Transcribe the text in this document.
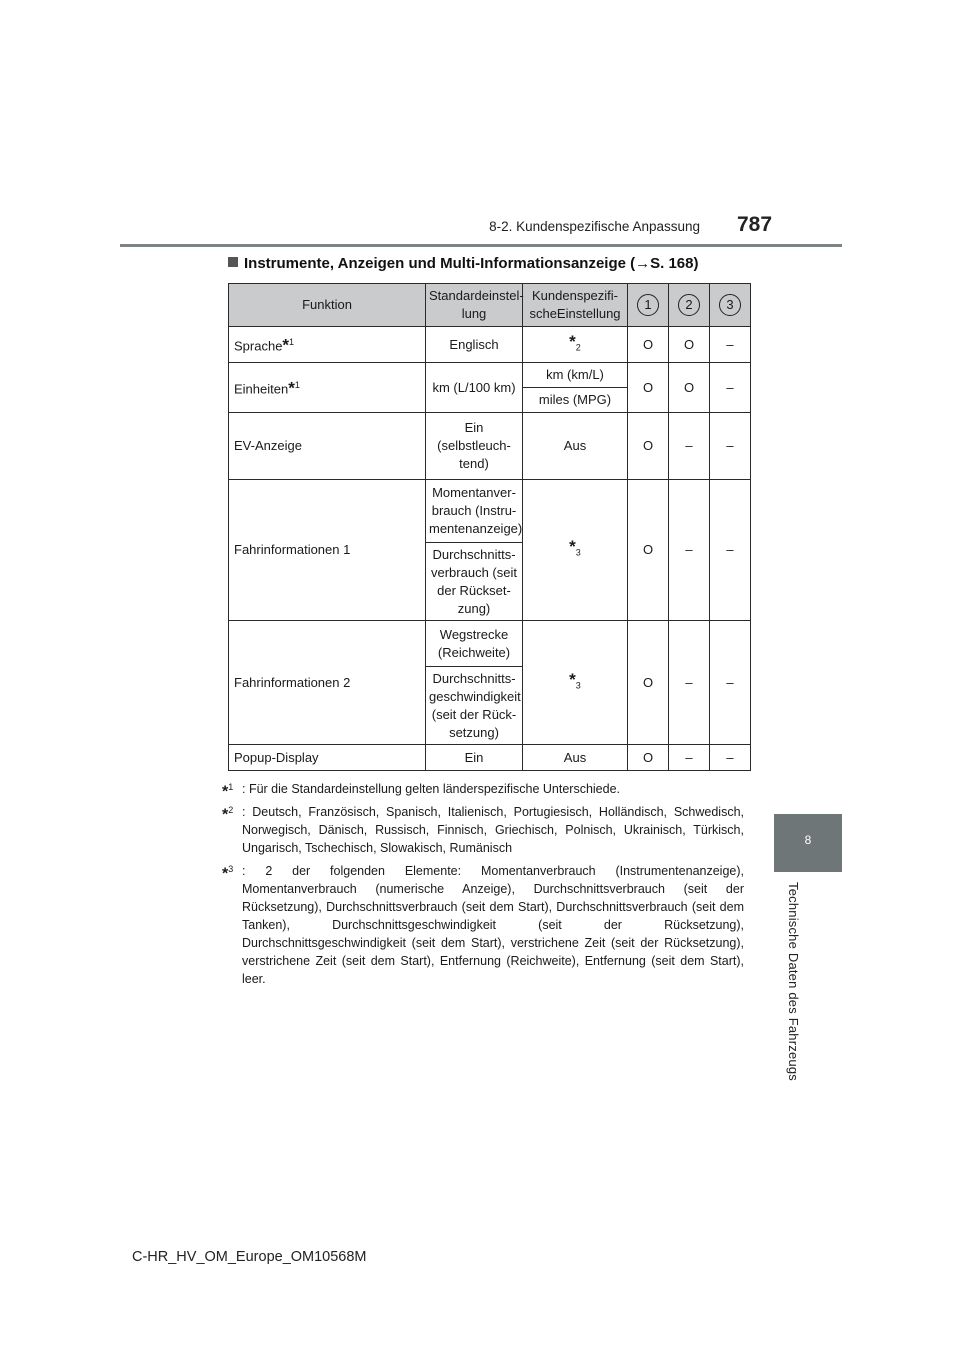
8-2. Kundenspezifische Anpassung 787
8
Technische Daten des Fahrzeugs
Instrumente, Anzeigen und Multi-Informationsanzeige (→S. 168)
Funktion	Standardeinstel-
lung	Kundenspezifi-
scheEinstellung	1	2	3
Sprache*$^1$	Englisch	$*_2$	O	O	–
Einheiten*$^1$	km (L/100 km)	km (km/L)	O	O	–
		miles (MPG)			
EV-Anzeige	Ein
(selbstleuch-
tend)	Aus	O	–	–
Fahrinformationen 1	Momentanver-
brauch (Instru-
mentenanzeige)	$*_3$	O	–	–
	Durchschnitts-
verbrauch (seit
der Rückset-
zung)				
Fahrinformationen 2	Wegstrecke
(Reichweite)	$*_3$	O	–	–
	Durchschnitts-
geschwindigkeit
(seit der Rück-
setzung)				
Popup-Display	Ein	Aus	O	–	–
*$^1$ : Für die Standardeinstellung gelten länderspezifische Unterschiede.
*$^2$ : Deutsch, Französisch, Spanisch, Italienisch, Portugiesisch, Holländisch, Schwedisch, Norwegisch, Dänisch, Russisch, Finnisch, Griechisch, Polnisch, Ukrainisch, Türkisch, Ungarisch, Tschechisch, Slowakisch, Rumänisch
*$^3$ : 2 der folgenden Elemente: Momentanverbrauch (Instrumentenanzeige), Momentanverbrauch (numerische Anzeige), Durchschnittsverbrauch (seit der Rücksetzung), Durchschnittsverbrauch (seit dem Start), Durchschnittsverbrauch (seit dem Tanken), Durchschnittsgeschwindigkeit (seit der Rücksetzung), Durchschnittsgeschwindigkeit (seit dem Start), verstrichene Zeit (seit der Rücksetzung), verstrichene Zeit (seit dem Start), Entfernung (Reichweite), Entfernung (seit dem Start), leer.
C-HR_HV_OM_Europe_OM10568M
